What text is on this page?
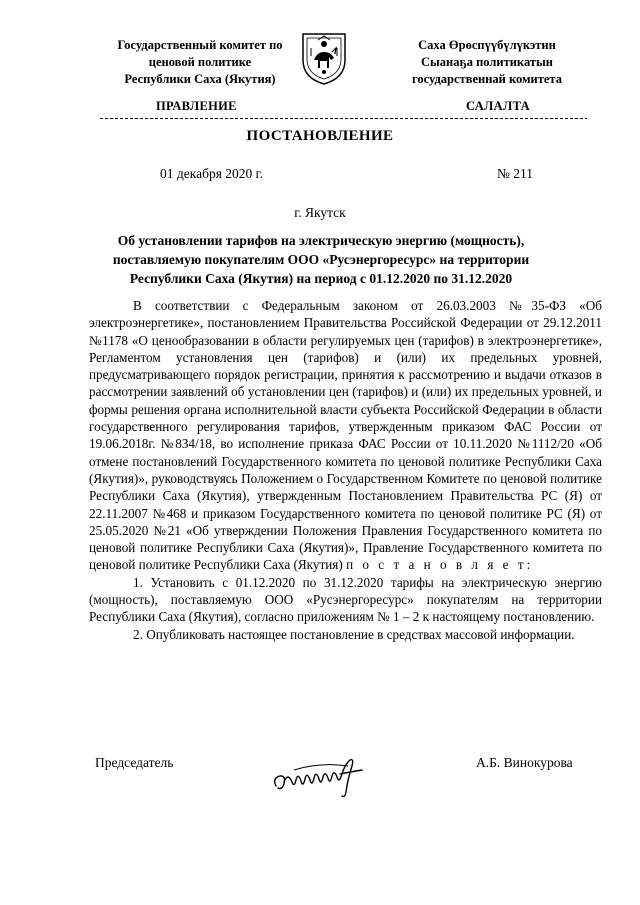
Государственный комитет по
ценовой политике
Республики Саха (Якутия)
Саха Өрөспүүбүлүкэтин
Сыанаҕа политикатын
государственнай комитета
ПРАВЛЕНИЕ	САЛАЛТА
ПОСТАНОВЛЕНИЕ
01 декабря 2020 г.	№ 211
г. Якутск
Об установлении тарифов на электрическую энергию (мощность),
поставляемую покупателям ООО «Русэнергоресурс» на территории
Республики Саха (Якутия) на период с 01.12.2020 по 31.12.2020

В соответствии с Федеральным законом от 26.03.2003 №35-ФЗ «Об электроэнергетике», постановлением Правительства Российской Федерации от 29.12.2011 №1178 «О ценообразовании в области регулируемых цен (тарифов) в электроэнергетике», Регламентом установления цен (тарифов) и (или) их предельных уровней, предусматривающего порядок регистрации, принятия к рассмотрению и выдачи отказов в рассмотрении заявлений об установлении цен (тарифов) и (или) их предельных уровней, и формы решения органа исполнительной власти субъекта Российской Федерации в области государственного регулирования тарифов, утвержденным приказом ФАС России от 19.06.2018г. №834/18, во исполнение приказа ФАС России от 10.11.2020 №1112/20 «Об отмене постановлений Государственного комитета по ценовой политике Республики Саха (Якутия)», руководствуясь Положением о Государственном Комитете по ценовой политике Республики Саха (Якутия), утвержденным Постановлением Правительства РС (Я) от 22.11.2007 №468 и приказом Государственного комитета по ценовой политике РС (Я) от 25.05.2020 №21 «Об утверждении Положения Правления Государственного комитета по ценовой политике Республики Саха (Якутия)», Правление Государственного комитета по ценовой политике Республики Саха (Якутия) п о с т а н о в л я е т:

1. Установить с 01.12.2020 по 31.12.2020 тарифы на электрическую энергию (мощность), поставляемую ООО «Русэнергоресурс» покупателям на территории Республики Саха (Якутия), согласно приложениям № 1 – 2 к настоящему постановлению.

2. Опубликовать настоящее постановление в средствах массовой информации.

Председатель	А.Б. Винокурова
